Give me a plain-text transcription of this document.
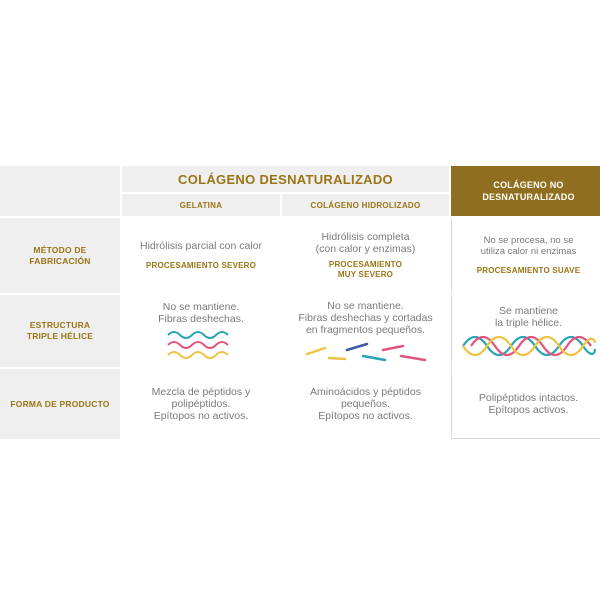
COLÁGENO DESNATURALIZADO	COLÁGENO NO
DESNATURALIZADO
GELATINA	COLÁGENO HIDROLIZADO
MÉTODO DE
FABRICACIÓN
Hidrólisis parcial con calor
PROCESAMIENTO SEVERO
Hidrólisis completa
(con calor y enzimas)
PROCESAMIENTO
MUY SEVERO
No se procesa, no se
utiliza calor ni enzimas
PROCESAMIENTO SUAVE
ESTRUCTURA
TRIPLE HÉLICE
No se mantiene.
Fibras deshechas.
No se mantiene.
Fibras deshechas y cortadas
en fragmentos pequeños.
Se mantiene
la triple hélice.
FORMA DE PRODUCTO
Mezcla de péptidos y
polipéptidos.
Epítopos no activos.
Aminoácidos y péptidos
pequeños.
Epítopos no activos.
Polipéptidos intactos.
Epítopos activos.
